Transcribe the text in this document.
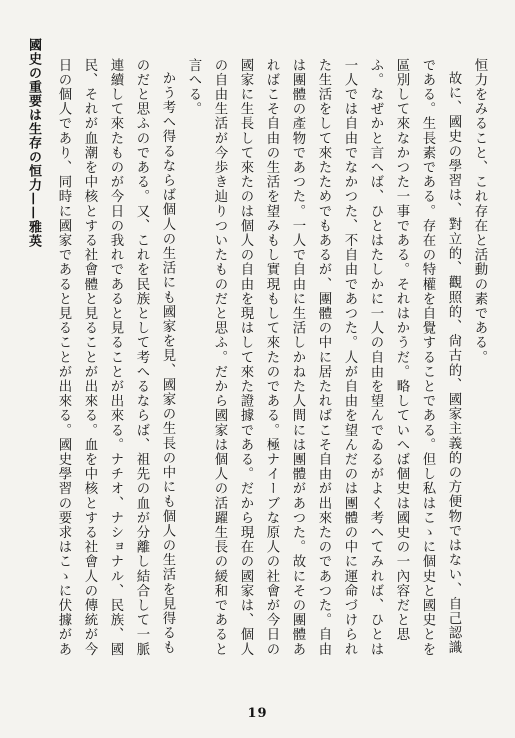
國史の重要は生存の恒力——雅英	恒力をみること、これ存在と活動の素である。

故に、國史の學習は、對立的、觀照的、尙古的、國家主義的の方便物ではない、自己認識である。生長素である。存在の特權を自覺することである。但し私はこゝに個史と國史とを區別して來なかつた一事である。それはかうだ。略していへば個史は國史の一內容だと思ふ。なぜかと言へば、ひとはたしかに一人の自由を望んでゐるがよく考へてみれば、ひとは一人では自由でなかつた、不自由であつた。人が自由を望んだのは團體の中に運命づけられた生活をして來たためでもあるが、團體の中に居たればこそ自由が出來たのであつた。自由は團體の產物であつた。一人で自由に生活しかねた人間には團體があつた。故にその團體あればこそ自由の生活を望みもし實現もして來たのである。極ナイーブな原人の社會が今日の國家に生長して來たのは個人の自由を現はして來た證據である。だから現在の國家は、個人の自由生活が今歩き辿りついたものだと思ふ。だから國家は個人の活躍生長の緩和であると言へる。

かう考へ得るならば個人の生活にも國家を見、國家の生長の中にも個人の生活を見得るものだと思ふのである。又、これを民族として考へるならば、祖先の血が分離し結合して一脈連續して來たものが今日の我れであると見ることが出來る。ナチオ、ナショナル、民族、國民、それが血潮を中核とする社會體と見ることが出來る。血を中核とする社會人の傳統が今日の個人であり、同時に國家であると見ることが出來る。國史學習の要求はこゝに伏據があ

19
